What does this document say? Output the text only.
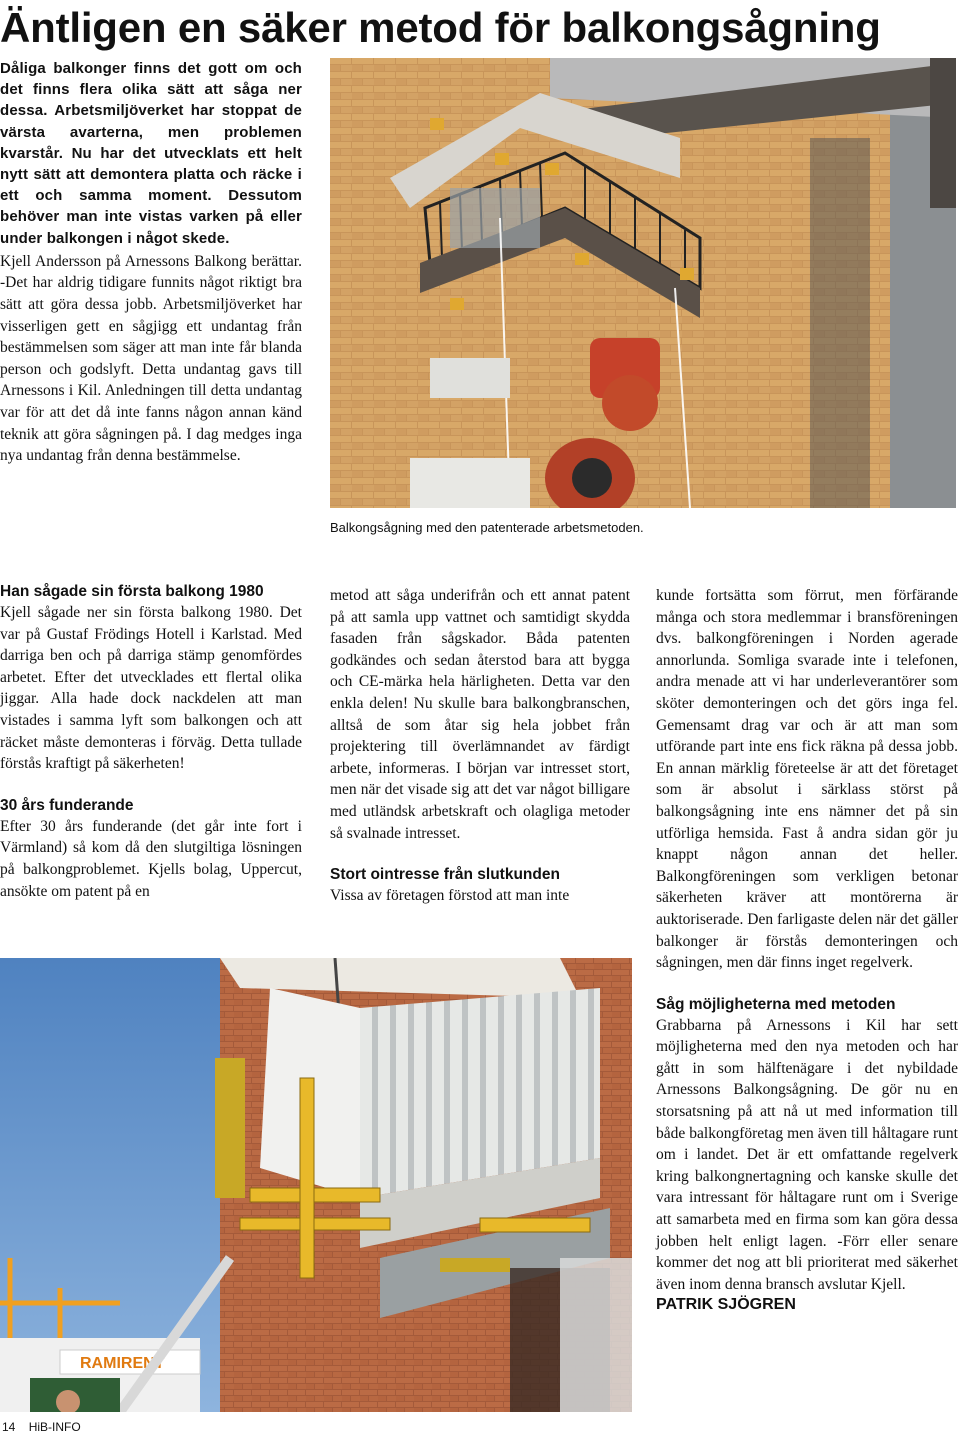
Äntligen en säker metod för balkongsågning

Dåliga balkonger finns det gott om och det finns flera olika sätt att såga ner dessa. Arbetsmiljöverket har stoppat de värsta avarterna, men problemen kvarstår. Nu har det utvecklats ett helt nytt sätt att demontera platta och räcke i ett och samma moment. Dessutom behöver man inte vistas varken på eller under balkongen i något skede.

Kjell Andersson på Arnessons Balkong berättar. -Det har aldrig tidigare funnits något riktigt bra sätt att göra dessa jobb. Arbetsmiljöverket har visserligen gett en sågjigg ett undantag från bestämmelsen som säger att man inte får blanda person och godslyft. Detta undantag gavs till Arnessons i Kil. Anledningen till detta undantag var för att det då inte fanns någon annan känd teknik att göra sågningen på. I dag medges inga nya undantag från denna bestämmelse.

Balkongsågning med den patenterade arbetsmetoden.
Han sågade sin första balkong 1980

Kjell sågade ner sin första balkong 1980. Det var på Gustaf Frödings Hotell i Karlstad. Med darriga ben och på darriga stämp genomfördes arbetet. Efter det utvecklades ett flertal olika jiggar. Alla hade dock nackdelen att man vistades i samma lyft som balkongen och att räcket måste demonteras i förväg. Detta tullade förstås kraftigt på säkerheten!

30 års funderande

Efter 30 års funderande (det går inte fort i Värmland) så kom då den slutgiltiga lösningen på balkongproblemet. Kjells bolag, Uppercut, ansökte om patent på en

metod att såga underifrån och ett annat patent på att samla upp vattnet och samtidigt skydda fasaden från sågskador. Båda patenten godkändes och sedan återstod bara att bygga och CE-märka hela härligheten. Detta var den enkla delen! Nu skulle bara balkongbranschen, alltså de som åtar sig hela jobbet från projektering till överlämnandet av färdigt arbete, informeras. I början var intresset stort, men när det visade sig att det var något billigare med utländsk arbetskraft och olagliga metoder så svalnade intresset.

Stort ointresse från slutkunden

Vissa av företagen förstod att man inte

kunde fortsätta som förrut, men förfärande många och stora medlemmar i bransföreningen dvs. balkongföreningen i Norden agerade annorlunda. Somliga svarade inte i telefonen, andra menade att vi har underleverantörer som sköter demonteringen och det görs inga fel. Gemensamt drag var och är att man som utförande part inte ens fick räkna på dessa jobb. En annan märklig företeelse är att det företaget som är absolut i särklass störst på balkongsågning inte ens nämner det på sin utförliga hemsida. Fast å andra sidan gör ju knappt någon annan det heller. Balkongföreningen som verkligen betonar säkerheten kräver att montörerna är auktoriserade. Den farligaste delen när det gäller balkonger är förstås demonteringen och sågningen, men där finns inget regelverk.

Såg möjligheterna med metoden

Grabbarna på Arnessons i Kil har sett möjligheterna med den nya metoden och har gått in som hälftenägare i det nybildade Arnessons Balkongsågning. De gör nu en storsatsning på att nå ut med information till både balkongföretag men även till håltagare runt om i landet. Det är ett omfattande regelverk kring balkongnertagning och kanske skulle det vara intressant för håltagare runt om i Sverige att samarbeta med en firma som kan göra dessa jobben helt enligt lagen. -Förr eller senare kommer det nog att bli prioriterat med säkerhet även inom denna bransch avslutar Kjell.

PATRIK SJÖGREN

RAMIRENT
14 HiB-INFO
